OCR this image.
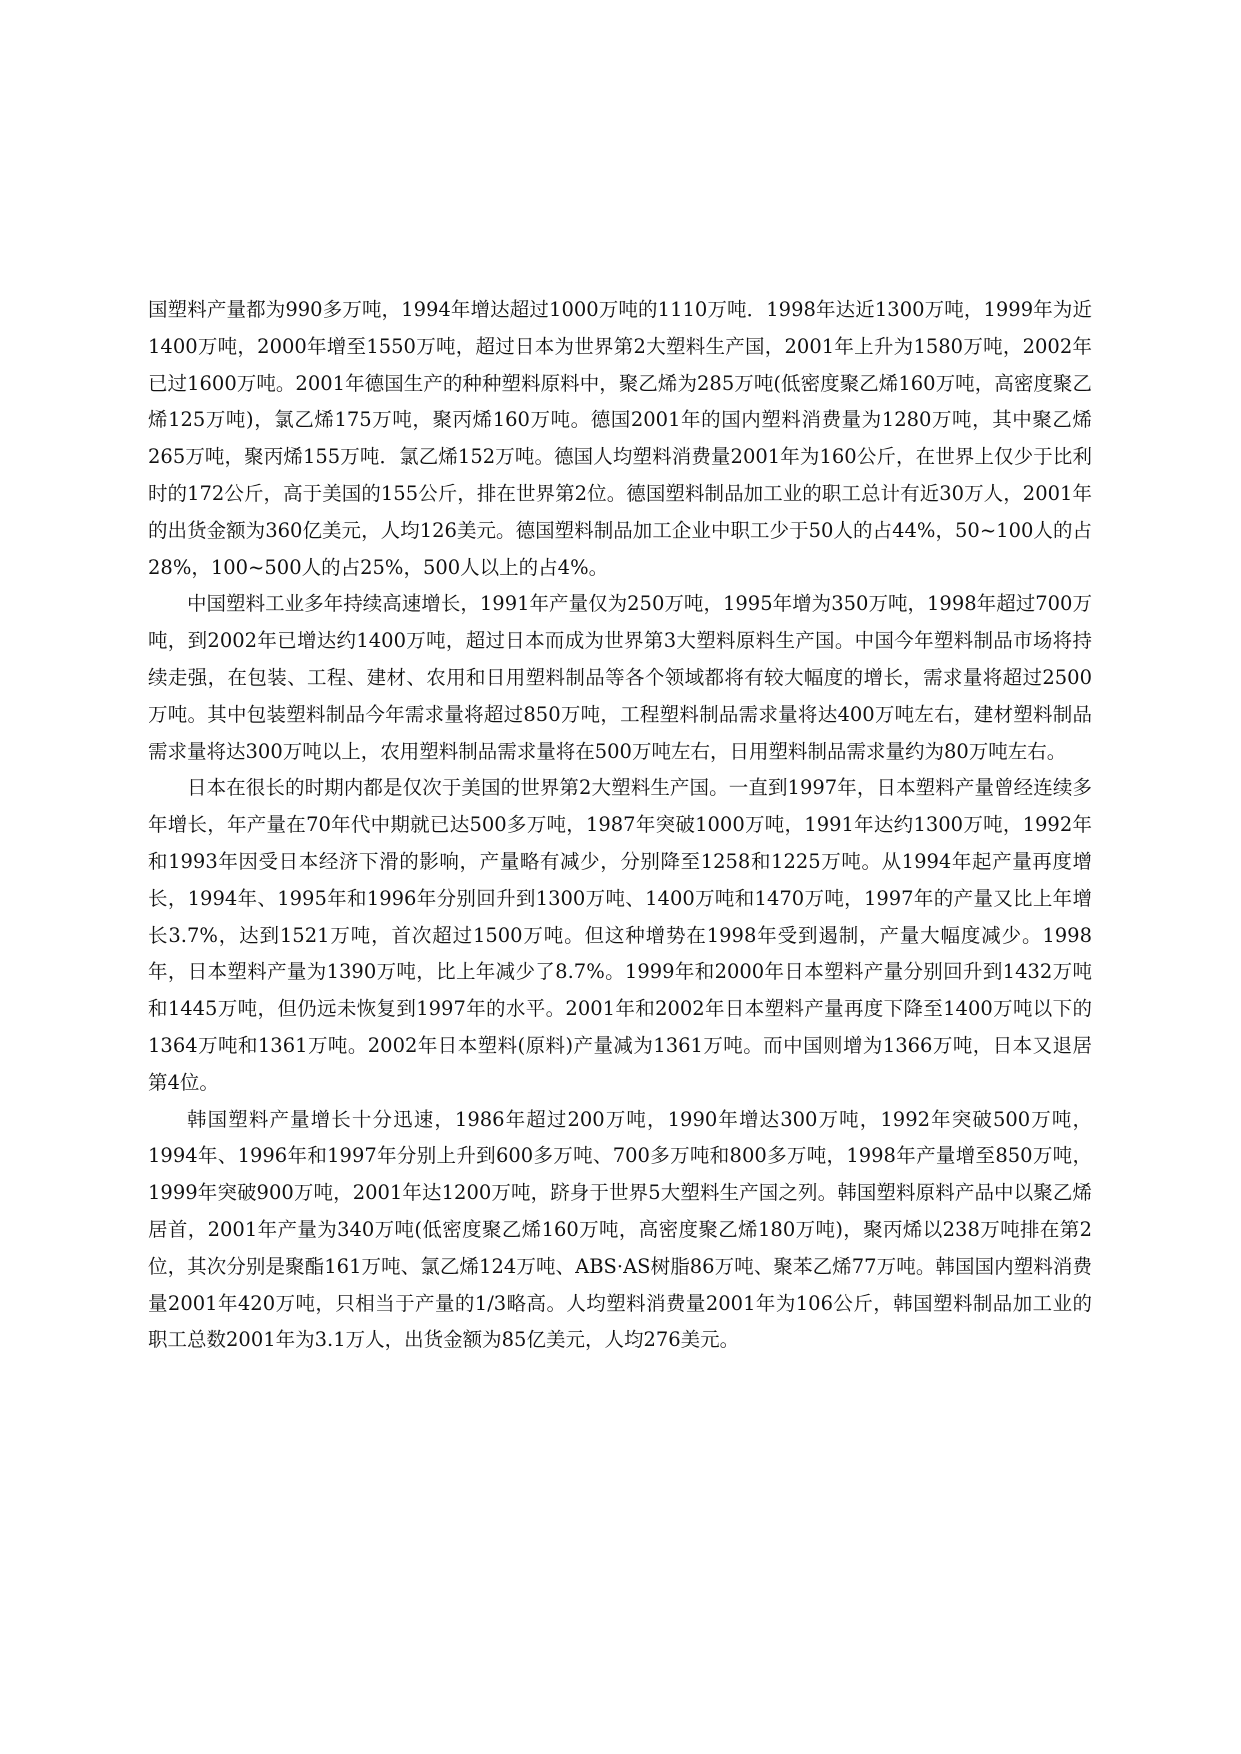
国塑料产量都为990多万吨，1994年增达超过1000万吨的1110万吨．1998年达近1300万吨，1999年为近1400万吨，2000年增至1550万吨，超过日本为世界第2大塑料生产国，2001年上升为1580万吨，2002年已过1600万吨。2001年德国生产的种种塑料原料中，聚乙烯为285万吨(低密度聚乙烯160万吨，高密度聚乙烯125万吨)，氯乙烯175万吨，聚丙烯160万吨。德国2001年的国内塑料消费量为1280万吨，其中聚乙烯265万吨，聚丙烯155万吨．氯乙烯152万吨。德国人均塑料消费量2001年为160公斤，在世界上仅少于比利时的172公斤，高于美国的155公斤，排在世界第2位。德国塑料制品加工业的职工总计有近30万人，2001年的出货金额为360亿美元，人均126美元。德国塑料制品加工企业中职工少于50人的占44%，50~100人的占28%，100~500人的占25%，500人以上的占4%。

中国塑料工业多年持续高速增长，1991年产量仅为250万吨，1995年增为350万吨，1998年超过700万吨，到2002年已增达约1400万吨，超过日本而成为世界第3大塑料原料生产国。中国今年塑料制品市场将持续走强，在包装、工程、建材、农用和日用塑料制品等各个领域都将有较大幅度的增长，需求量将超过2500万吨。其中包装塑料制品今年需求量将超过850万吨，工程塑料制品需求量将达400万吨左右，建材塑料制品需求量将达300万吨以上，农用塑料制品需求量将在500万吨左右，日用塑料制品需求量约为80万吨左右。

日本在很长的时期内都是仅次于美国的世界第2大塑料生产国。一直到1997年，日本塑料产量曾经连续多年增长，年产量在70年代中期就已达500多万吨，1987年突破1000万吨，1991年达约1300万吨，1992年和1993年因受日本经济下滑的影响，产量略有减少，分别降至1258和1225万吨。从1994年起产量再度增长，1994年、1995年和1996年分别回升到1300万吨、1400万吨和1470万吨，1997年的产量又比上年增长3.7%，达到1521万吨，首次超过1500万吨。但这种增势在1998年受到遏制，产量大幅度减少。1998年，日本塑料产量为1390万吨，比上年减少了8.7%。1999年和2000年日本塑料产量分别回升到1432万吨和1445万吨，但仍远未恢复到1997年的水平。2001年和2002年日本塑料产量再度下降至1400万吨以下的1364万吨和1361万吨。2002年日本塑料(原料)产量减为1361万吨。而中国则增为1366万吨，日本又退居第4位。

韩国塑料产量增长十分迅速，1986年超过200万吨，1990年增达300万吨，1992年突破500万吨，1994年、1996年和1997年分别上升到600多万吨、700多万吨和800多万吨，1998年产量增至850万吨，1999年突破900万吨，2001年达1200万吨，跻身于世界5大塑料生产国之列。韩国塑料原料产品中以聚乙烯居首，2001年产量为340万吨(低密度聚乙烯160万吨，高密度聚乙烯180万吨)，聚丙烯以238万吨排在第2位，其次分别是聚酯161万吨、氯乙烯124万吨、ABS·AS树脂86万吨、聚苯乙烯77万吨。韩国国内塑料消费量2001年420万吨，只相当于产量的1/3略高。人均塑料消费量2001年为106公斤，韩国塑料制品加工业的职工总数2001年为3.1万人，出货金额为85亿美元，人均276美元。
